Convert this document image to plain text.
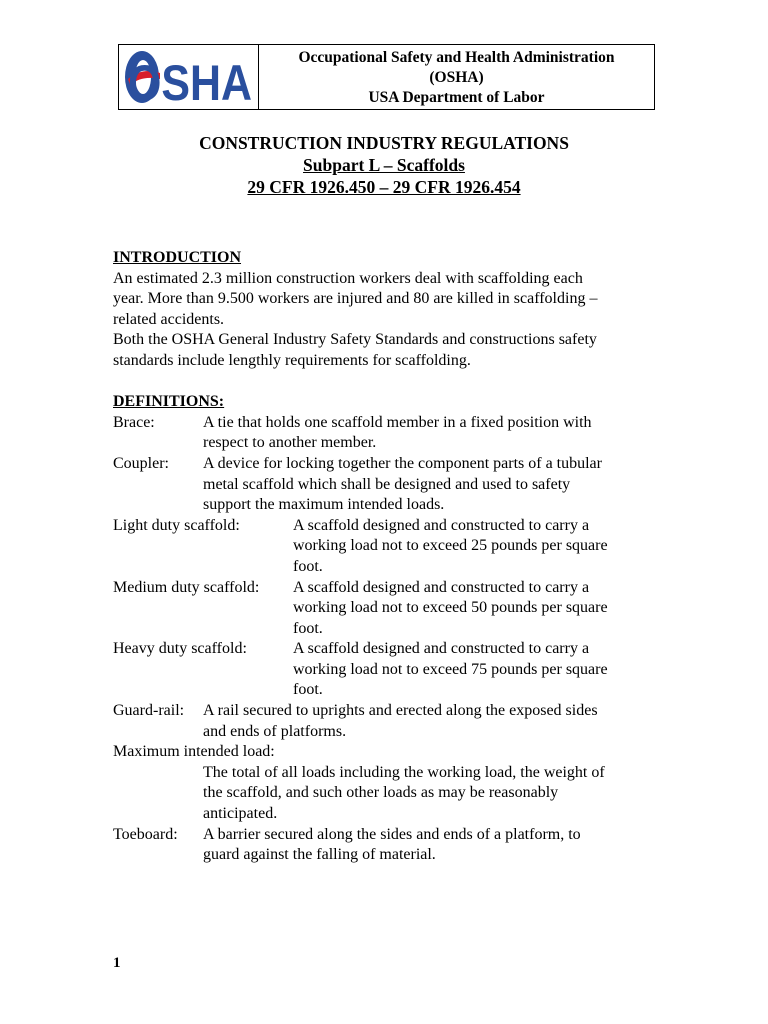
OSHA	Occupational Safety and Health Administration
(OSHA)
USA Department of Labor
CONSTRUCTION INDUSTRY REGULATIONS
Subpart L – Scaffolds
29 CFR 1926.450 – 29 CFR 1926.454
INTRODUCTION
An estimated 2.3 million construction workers deal with scaffolding each
year. More than 9.500 workers are injured and 80 are killed in scaffolding –
related accidents.
Both the OSHA General Industry Safety Standards and constructions safety
standards include lengthly requirements for scaffolding.
DEFINITIONS:
Brace:	A tie that holds one scaffold member in a fixed position with
respect to another member.
Coupler:	A device for locking together the component parts of a tubular
metal scaffold which shall be designed and used to safety
support the maximum intended loads.
Light duty scaffold:	A scaffold designed and constructed to carry a
working load not to exceed 25 pounds per square
foot.
Medium duty scaffold:	A scaffold designed and constructed to carry a
working load not to exceed 50 pounds per square
foot.
Heavy duty scaffold:	A scaffold designed and constructed to carry a
working load not to exceed 75 pounds per square
foot.
Guard-rail:	A rail secured to uprights and erected along the exposed sides
and ends of platforms.
Maximum intended load:
The total of all loads including the working load, the weight of
the scaffold, and such other loads as may be reasonably
anticipated.
Toeboard:	A barrier secured along the sides and ends of a platform, to
guard against the falling of material.
1
